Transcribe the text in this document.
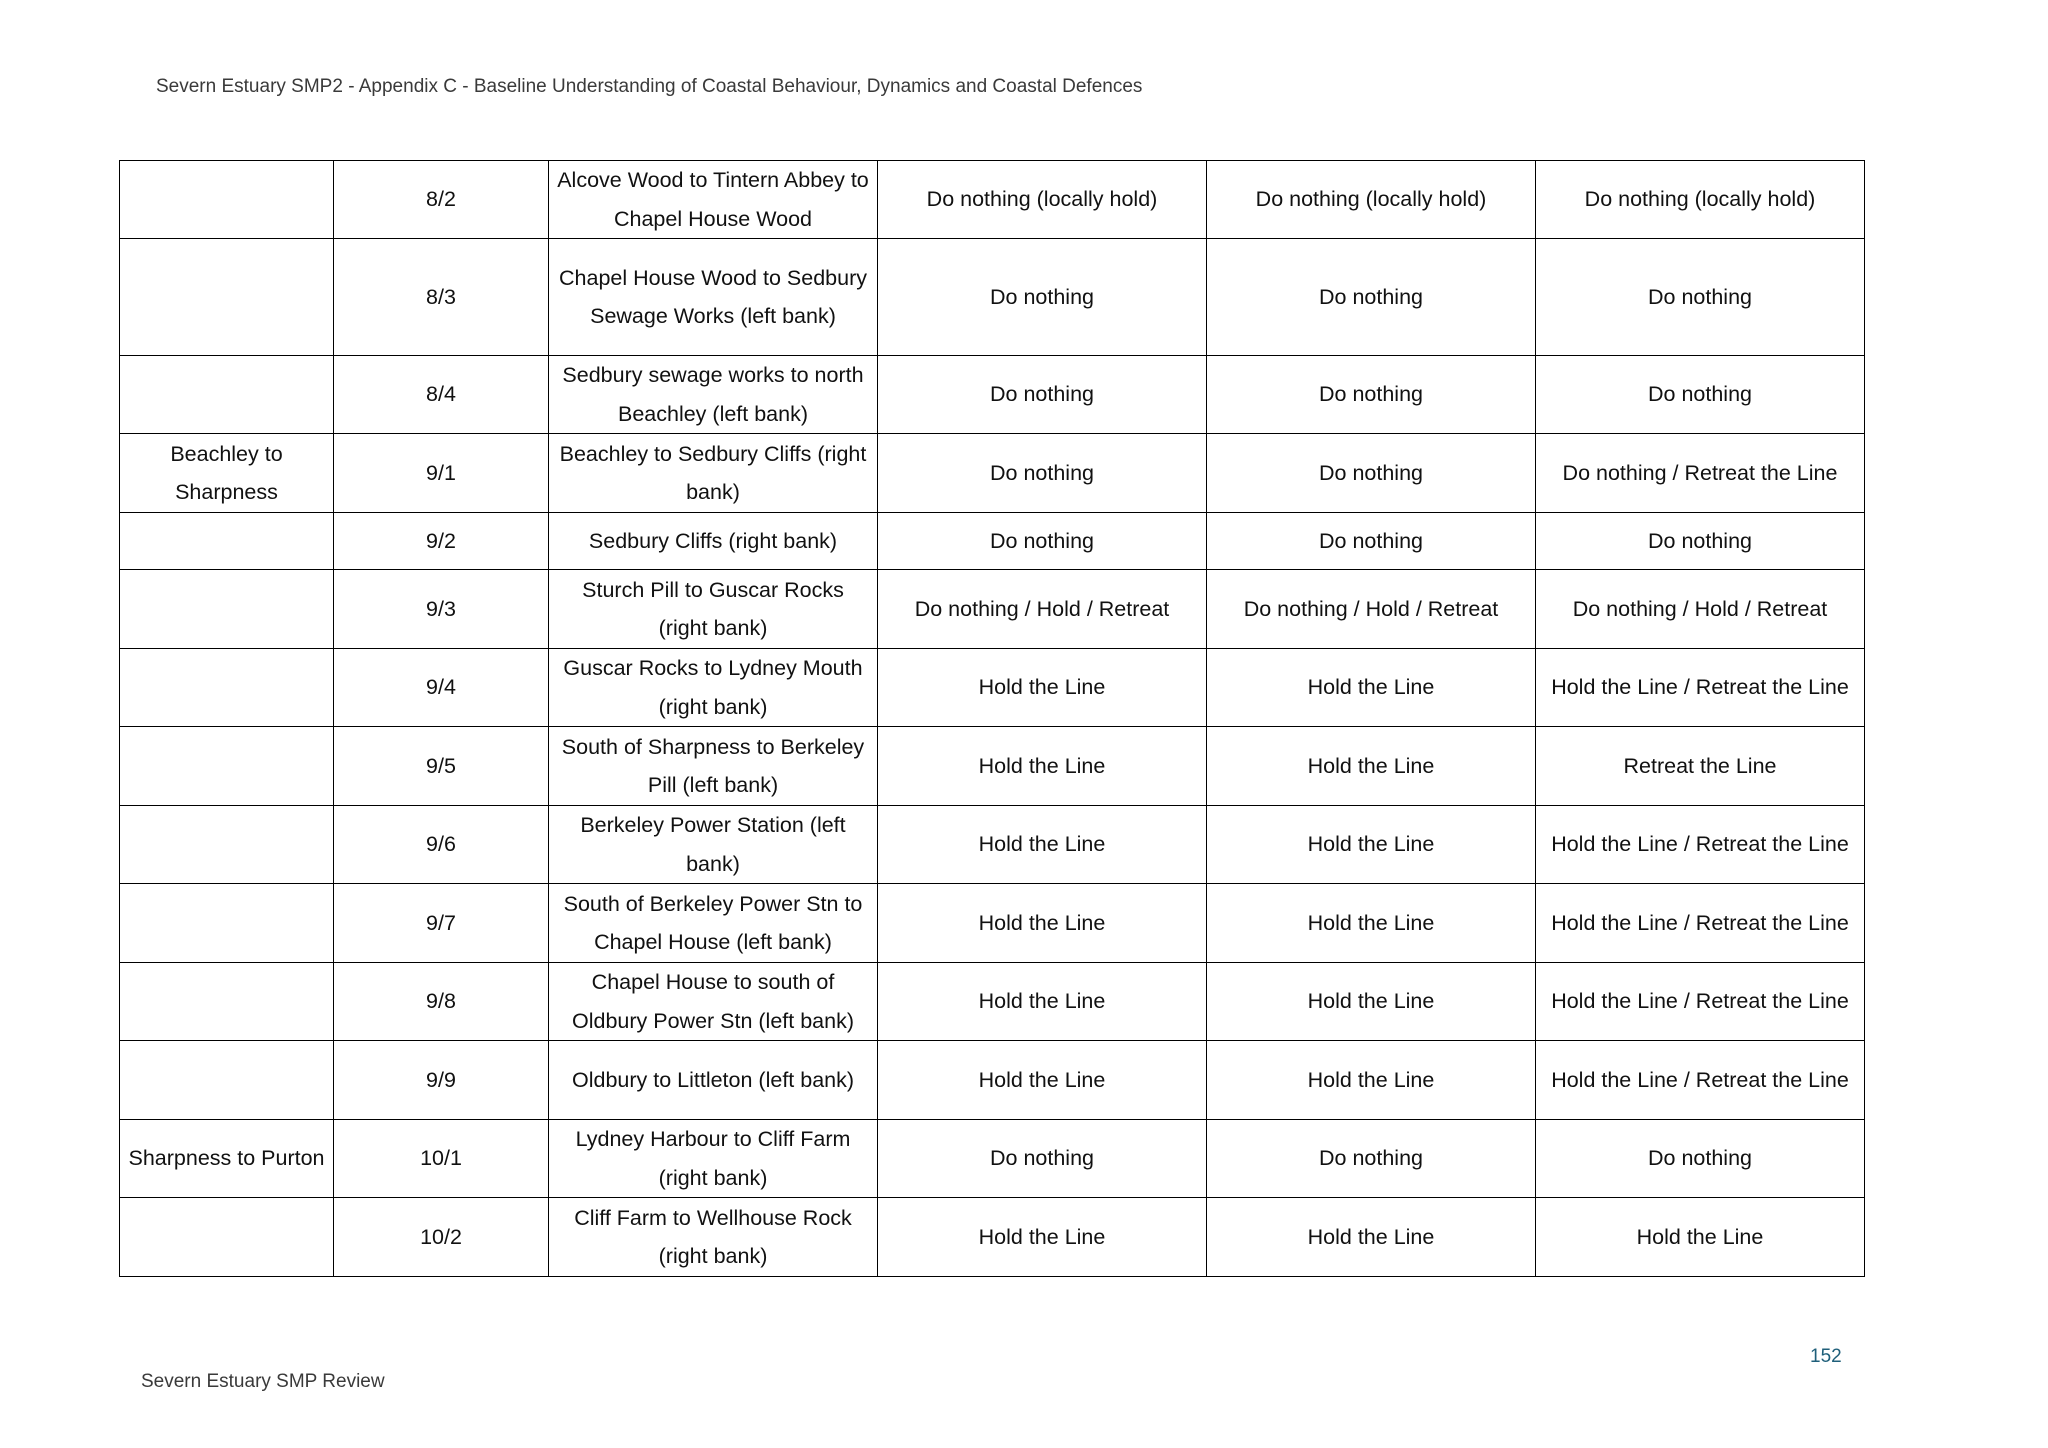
Severn Estuary SMP2 - Appendix C - Baseline Understanding of Coastal Behaviour, Dynamics and Coastal Defences
	8/2	Alcove Wood to Tintern Abbey to Chapel House Wood	Do nothing (locally hold)	Do nothing (locally hold)	Do nothing (locally hold)
	8/3	Chapel House Wood to Sedbury Sewage Works (left bank)	Do nothing	Do nothing	Do nothing
	8/4	Sedbury sewage works to north Beachley (left bank)	Do nothing	Do nothing	Do nothing
Beachley to Sharpness	9/1	Beachley to Sedbury Cliffs (right bank)	Do nothing	Do nothing	Do nothing / Retreat the Line
	9/2	Sedbury Cliffs (right bank)	Do nothing	Do nothing	Do nothing
	9/3	Sturch Pill to Guscar Rocks (right bank)	Do nothing / Hold / Retreat	Do nothing / Hold / Retreat	Do nothing / Hold / Retreat
	9/4	Guscar Rocks to Lydney Mouth (right bank)	Hold the Line	Hold the Line	Hold the Line / Retreat the Line
	9/5	South of Sharpness to Berkeley Pill (left bank)	Hold the Line	Hold the Line	Retreat the Line
	9/6	Berkeley Power Station (left bank)	Hold the Line	Hold the Line	Hold the Line / Retreat the Line
	9/7	South of Berkeley Power Stn to Chapel House (left bank)	Hold the Line	Hold the Line	Hold the Line / Retreat the Line
	9/8	Chapel House to south of Oldbury Power Stn (left bank)	Hold the Line	Hold the Line	Hold the Line / Retreat the Line
	9/9	Oldbury to Littleton (left bank)	Hold the Line	Hold the Line	Hold the Line / Retreat the Line
Sharpness to Purton	10/1	Lydney Harbour to Cliff Farm (right bank)	Do nothing	Do nothing	Do nothing
	10/2	Cliff Farm to Wellhouse Rock (right bank)	Hold the Line	Hold the Line	Hold the Line
152
Severn Estuary SMP Review
